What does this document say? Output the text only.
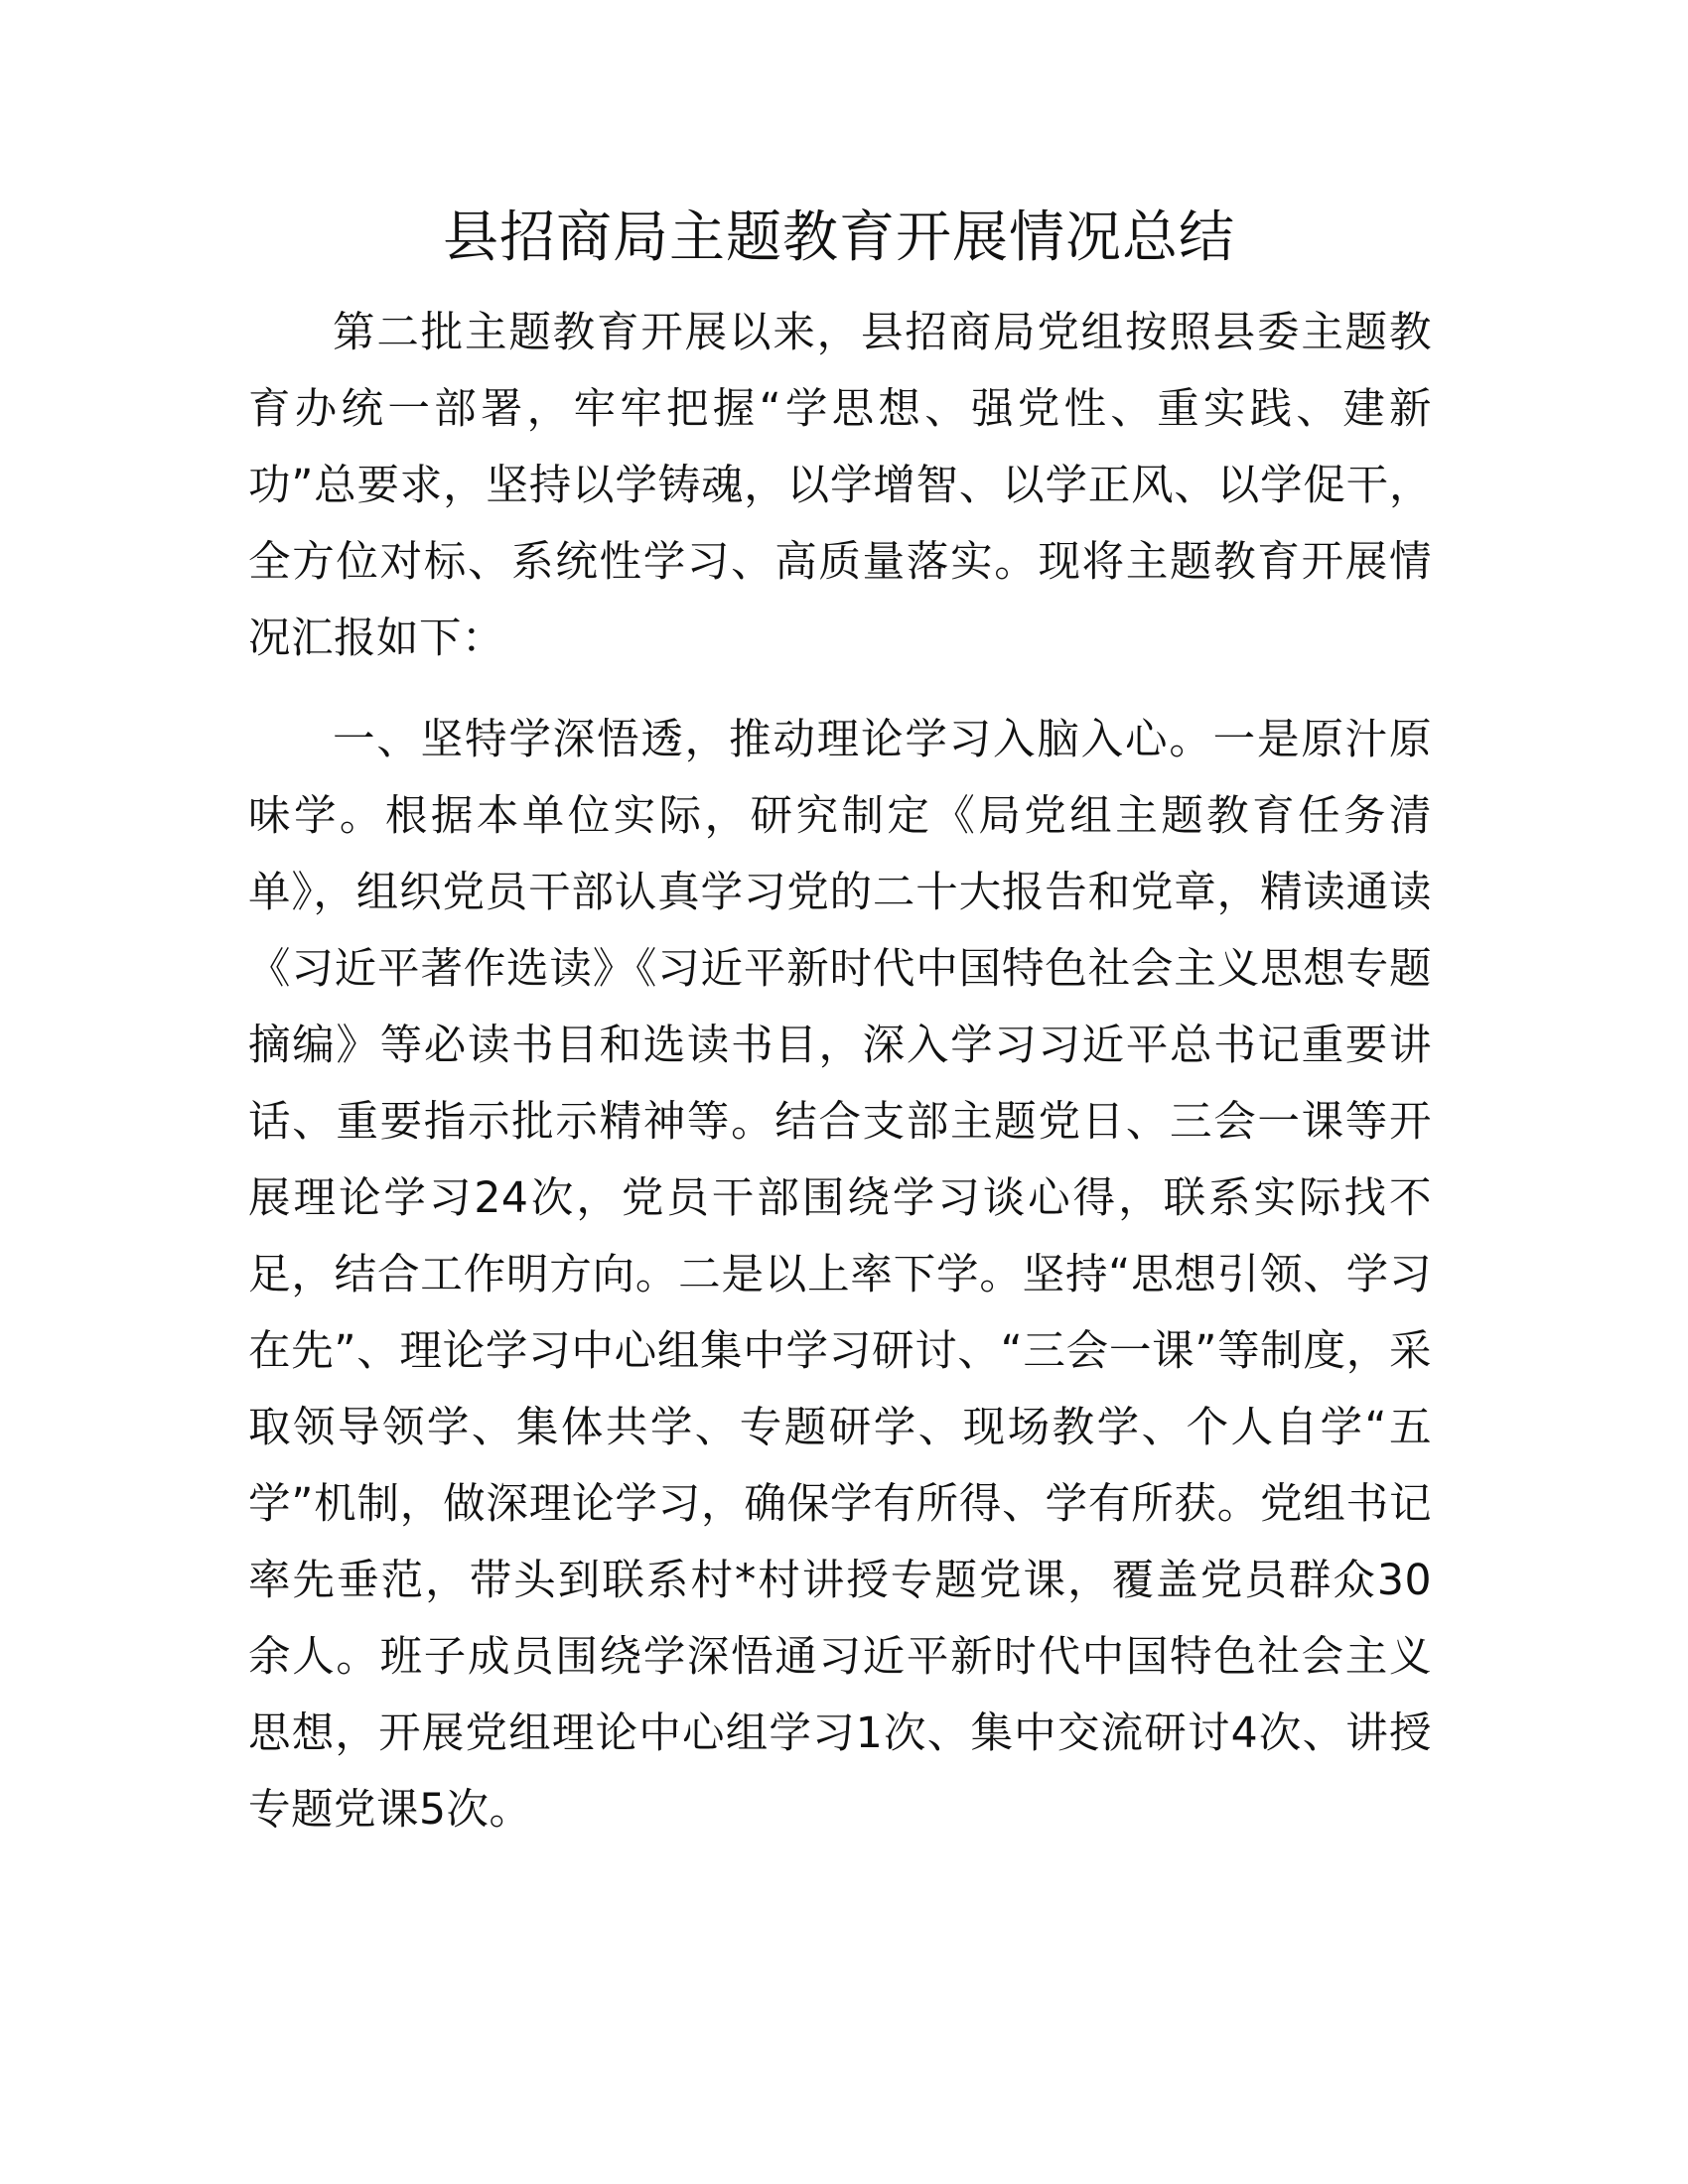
县招商局主题教育开展情况总结

第二批主题教育开展以来，县招商局党组按照县委主题教育办统一部署，牢牢把握“学思想、强党性、重实践、建新功”总要求，坚持以学铸魂，以学增智、以学正风、以学促干，全方位对标、系统性学习、高质量落实。现将主题教育开展情况汇报如下：

一、坚特学深悟透，推动理论学习入脑入心。一是原汁原味学。根据本单位实际，研究制定《局党组主题教育任务清单》，组织党员干部认真学习党的二十大报告和党章，精读通读《习近平著作选读》《习近平新时代中国特色社会主义思想专题摘编》等必读书目和选读书目，深入学习习近平总书记重要讲话、重要指示批示精神等。结合支部主题党日、三会一课等开展理论学习24次，党员干部围绕学习谈心得，联系实际找不足，结合工作明方向。二是以上率下学。坚持“思想引领、学习在先”、理论学习中心组集中学习研讨、“三会一课”等制度，采取领导领学、集体共学、专题研学、现场教学、个人自学“五学”机制，做深理论学习，确保学有所得、学有所获。党组书记率先垂范，带头到联系村*村讲授专题党课，覆盖党员群众30余人。班子成员围绕学深悟通习近平新时代中国特色社会主义思想，开展党组理论中心组学习1次、集中交流研讨4次、讲授专题党课5次。
